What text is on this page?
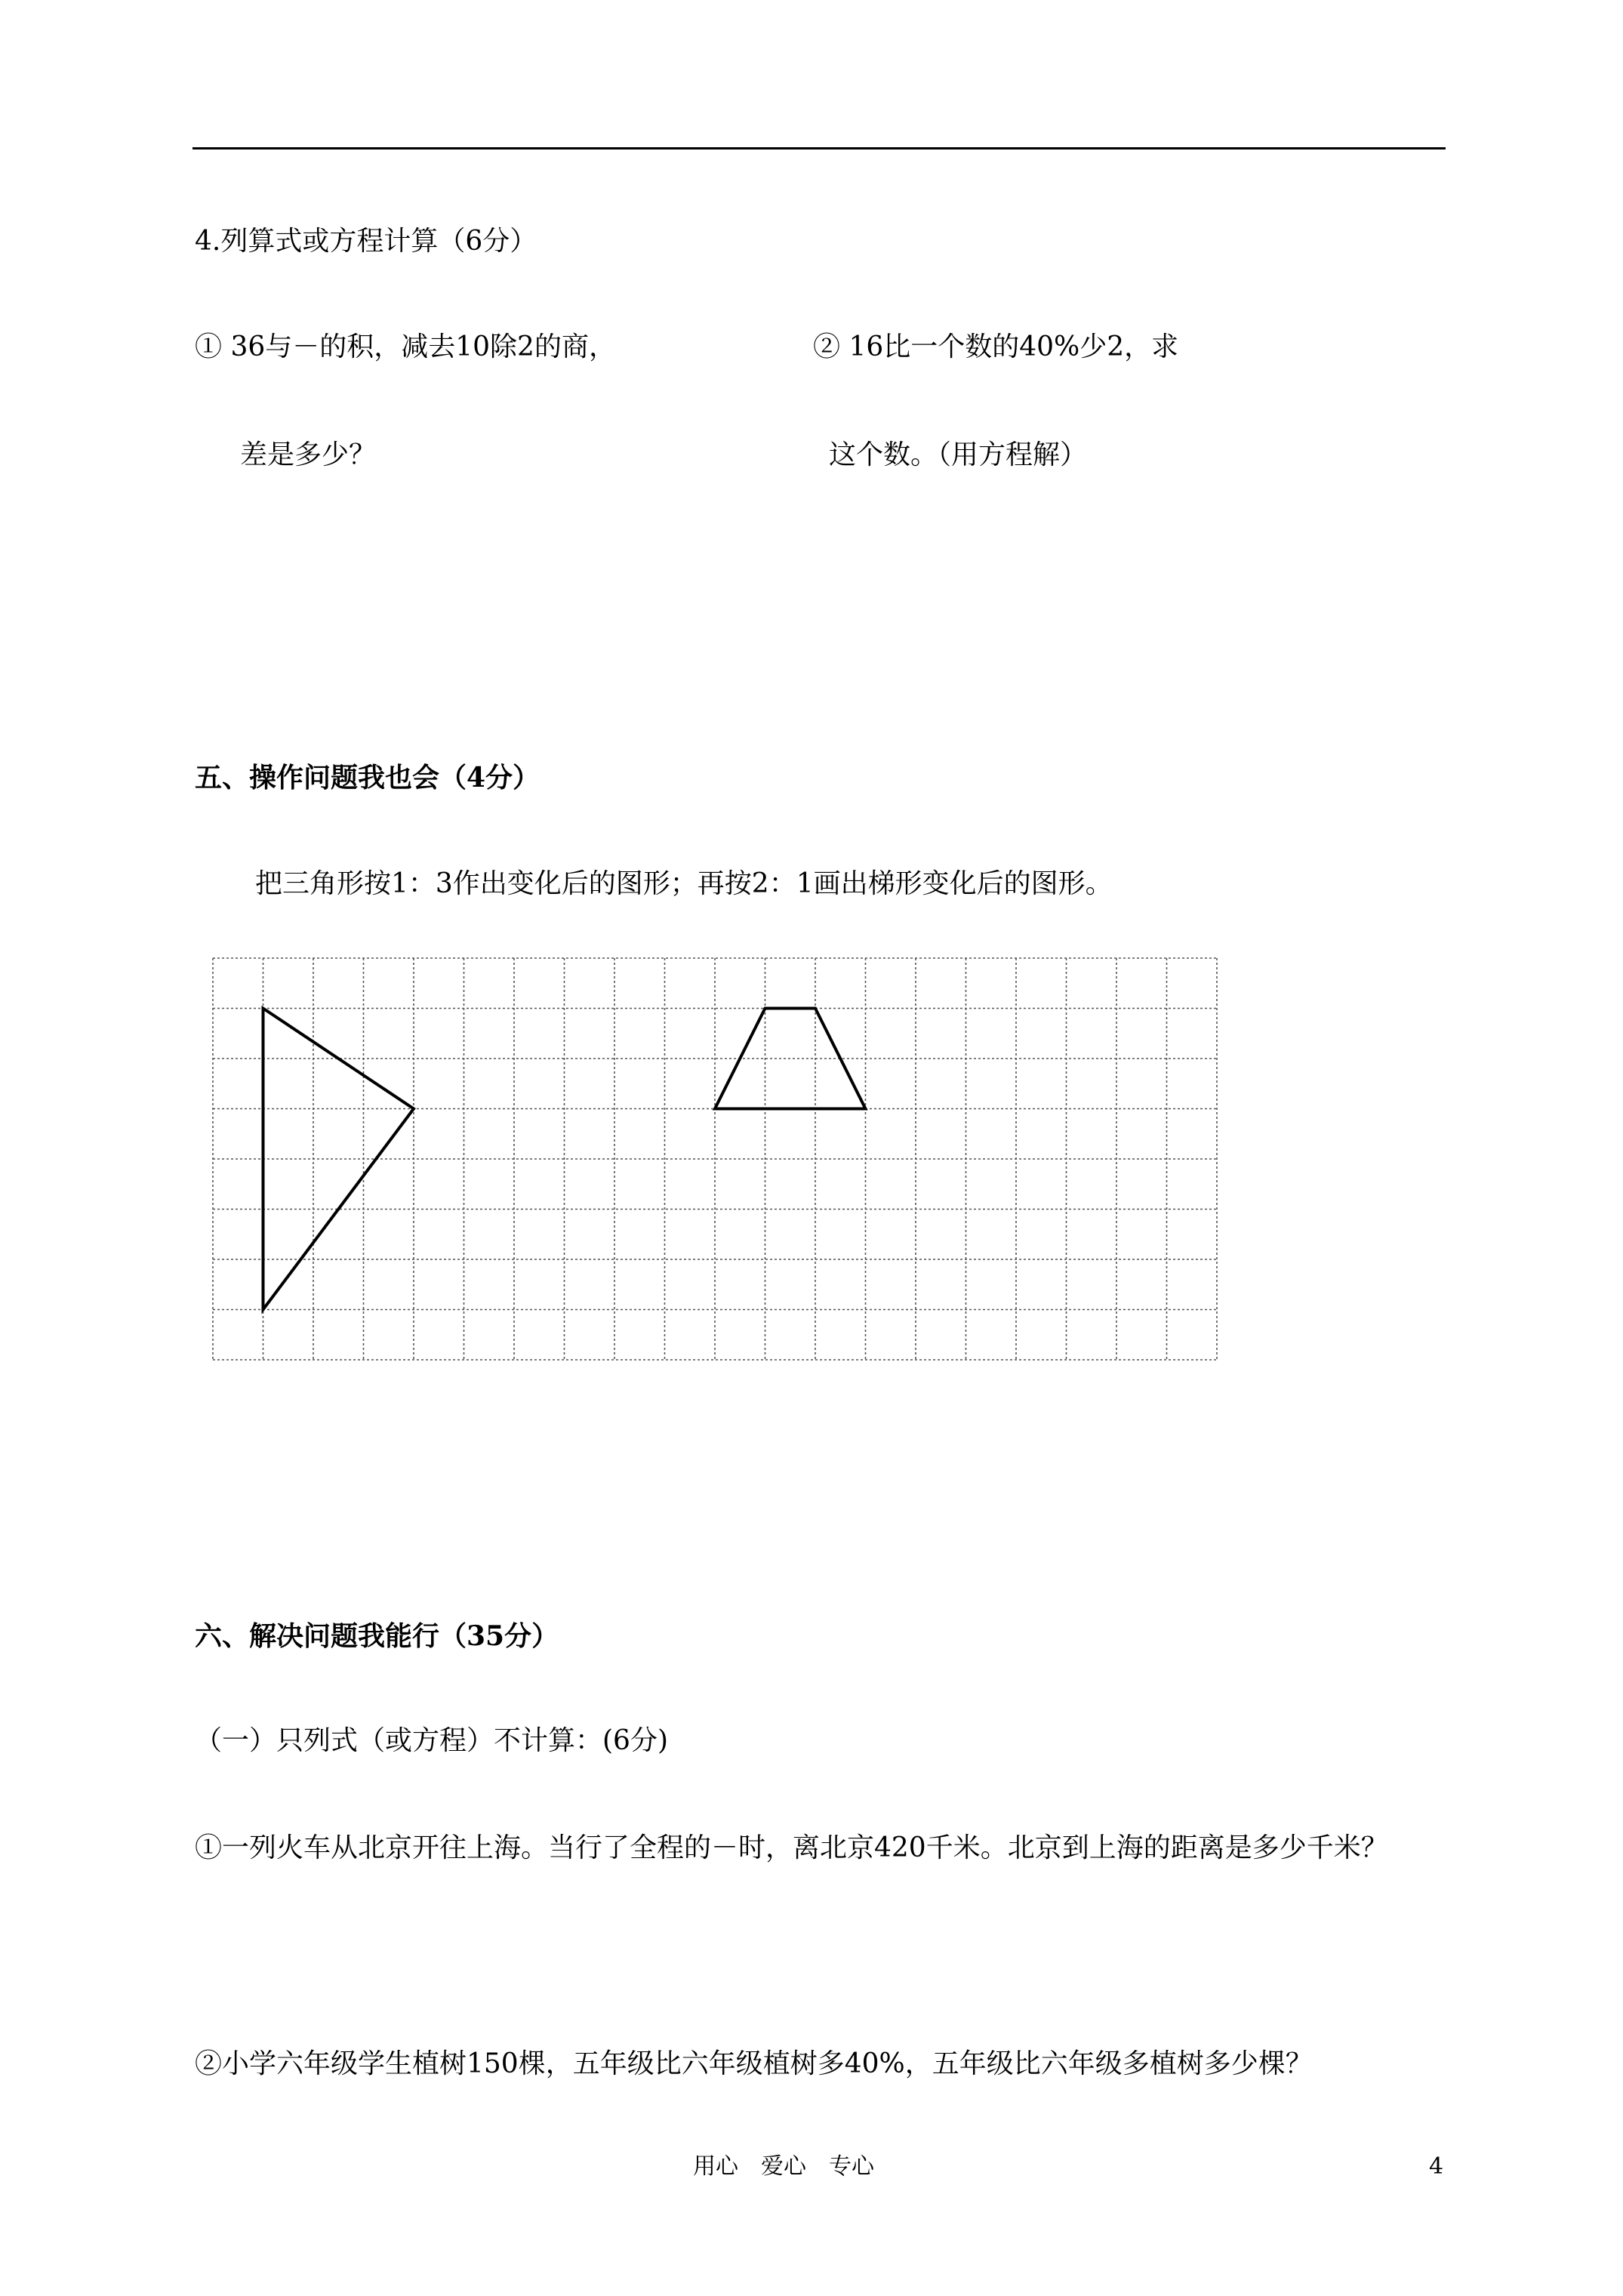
4.列算式或方程计算（6分）
① 36与－的积，减去10除2的商，
差是多少？
② 16比一个数的40%少2，求
这个数。（用方程解）
五、操作问题我也会（4分）
把三角形按1：3作出变化后的图形；再按2：1画出梯形变化后的图形。
六、解决问题我能行（35分）
（一）只列式（或方程）不计算：(6分)
①一列火车从北京开往上海。当行了全程的－时，离北京420千米。北京到上海的距离是多少千米？
②小学六年级学生植树150棵，五年级比六年级植树多40%，五年级比六年级多植树多少棵？
用心　爱心　专心	4
